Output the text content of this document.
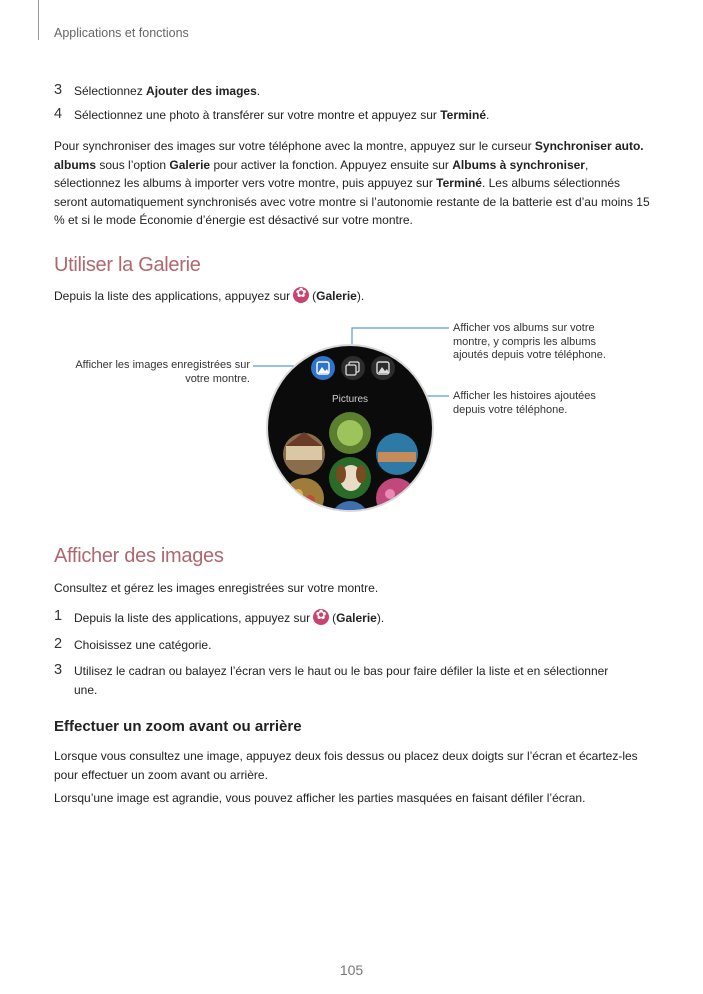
Applications et fonctions
3 Sélectionnez Ajouter des images.
4 Sélectionnez une photo à transférer sur votre montre et appuyez sur Terminé.
Pour synchroniser des images sur votre téléphone avec la montre, appuyez sur le curseur Synchroniser auto. albums sous l’option Galerie pour activer la fonction. Appuyez ensuite sur Albums à synchroniser, sélectionnez les albums à importer vers votre montre, puis appuyez sur Terminé. Les albums sélectionnés seront automatiquement synchronisés avec votre montre si l’autonomie restante de la batterie est d’au moins 15 % et si le mode Économie d’énergie est désactivé sur votre montre.
Utiliser la Galerie
Depuis la liste des applications, appuyez sur ✿ (Galerie).
Afficher les images enregistrées sur votre montre.
Afficher vos albums sur votre montre, y compris les albums ajoutés depuis votre téléphone.
Afficher les histoires ajoutées depuis votre téléphone.
Pictures
Afficher des images
Consultez et gérez les images enregistrées sur votre montre.
1 Depuis la liste des applications, appuyez sur ✿ (Galerie).
2 Choisissez une catégorie.
3 Utilisez le cadran ou balayez l’écran vers le haut ou le bas pour faire défiler la liste et en sélectionner une.
Effectuer un zoom avant ou arrière
Lorsque vous consultez une image, appuyez deux fois dessus ou placez deux doigts sur l’écran et écartez-les pour effectuer un zoom avant ou arrière.
Lorsqu’une image est agrandie, vous pouvez afficher les parties masquées en faisant défiler l’écran.
105
